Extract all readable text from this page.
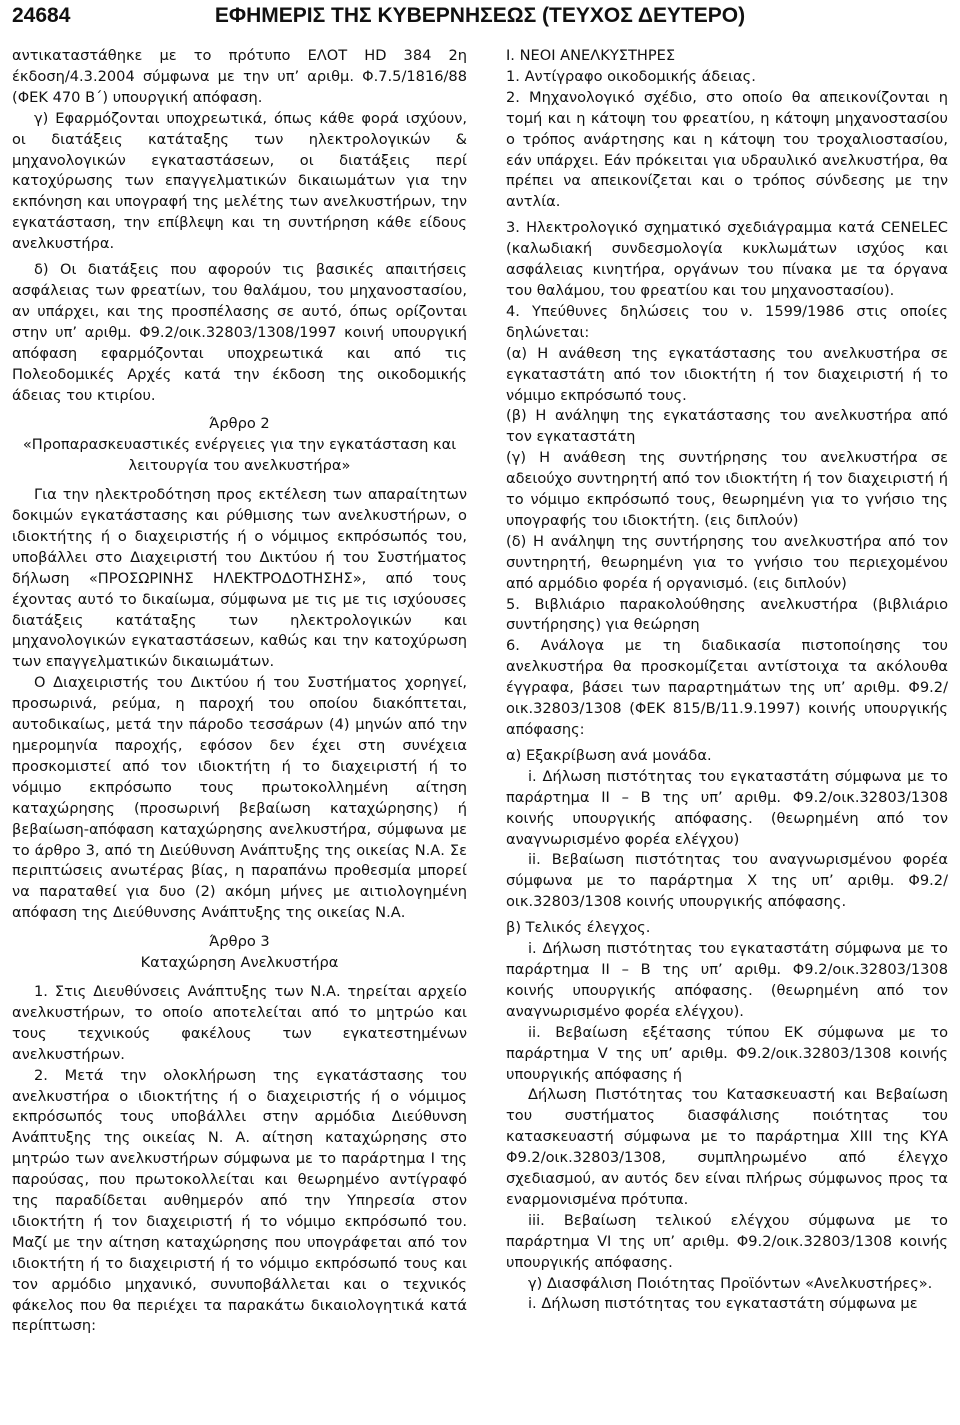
24684	ΕΦΗΜΕΡΙΣ ΤΗΣ ΚΥΒΕΡΝΗΣΕΩΣ (ΤΕΥΧΟΣ ΔΕΥΤΕΡΟ)

αντικαταστάθηκε με το πρότυπο ΕΛΟΤ HD 384 2η έκδοση/4.3.2004 σύμφωνα με την υπ’ αριθμ. Φ.7.5/1816/88 (ΦΕΚ 470 Β΄) υπουργική απόφαση.

γ) Εφαρμόζονται υποχρεωτικά, όπως κάθε φορά ισχύουν, οι διατάξεις κατάταξης των ηλεκτρολογικών & μηχανολογικών εγκαταστάσεων, οι διατάξεις περί κατοχύρωσης των επαγγελματικών δικαιωμάτων για την εκπόνηση και υπογραφή της μελέτης των ανελκυστήρων, την εγκατάσταση, την επίβλεψη και τη συντήρηση κάθε είδους ανελκυστήρα.

δ) Οι διατάξεις που αφορούν τις βασικές απαιτήσεις ασφάλειας των φρεατίων, του θαλάμου, του μηχανοστασίου, αν υπάρχει, και της προσπέλασης σε αυτό, όπως ορίζονται στην υπ’ αριθμ. Φ9.2/οικ.32803/1308/1997 κοινή υπουργική απόφαση εφαρμόζονται υποχρεωτικά και από τις Πολεοδομικές Αρχές κατά την έκδοση της οικοδομικής άδειας του κτιρίου.

Άρθρο 2

«Προπαρασκευαστικές ενέργειες για την εγκατάσταση και λειτουργία του ανελκυστήρα»

Για την ηλεκτροδότηση προς εκτέλεση των απαραίτητων δοκιμών εγκατάστασης και ρύθμισης των ανελκυστήρων, ο ιδιοκτήτης ή ο διαχειριστής ή ο νόμιμος εκπρόσωπός του, υποβάλλει στο Διαχειριστή του Δικτύου ή του Συστήματος δήλωση «ΠΡΟΣΩΡΙΝΗΣ ΗΛΕΚΤΡΟΔΟΤΗΣΗΣ», από τους έχοντας αυτό το δικαίωμα, σύμφωνα με τις με τις ισχύουσες διατάξεις κατάταξης των ηλεκτρολογικών και μηχανολογικών εγκαταστάσεων, καθώς και την κατοχύρωση των επαγγελματικών δικαιωμάτων.

Ο Διαχειριστής του Δικτύου ή του Συστήματος χορηγεί, προσωρινά, ρεύμα, η παροχή του οποίου διακόπτεται, αυτοδικαίως, μετά την πάροδο τεσσάρων (4) μηνών από την ημερομηνία παροχής, εφόσον δεν έχει στη συνέχεια προσκομιστεί από τον ιδιοκτήτη ή το διαχειριστή ή το νόμιμο εκπρόσωπο τους πρωτοκολλημένη αίτηση καταχώρησης (προσωρινή βεβαίωση καταχώρησης) ή βεβαίωση-απόφαση καταχώρησης ανελκυστήρα, σύμφωνα με το άρθρο 3, από τη Διεύθυνση Ανάπτυξης της οικείας Ν.Α. Σε περιπτώσεις ανωτέρας βίας, η παραπάνω προθεσμία μπορεί να παραταθεί για δυο (2) ακόμη μήνες με αιτιολογημένη απόφαση της Διεύθυνσης Ανάπτυξης της οικείας Ν.Α.

Άρθρο 3

Καταχώρηση Ανελκυστήρα

1. Στις Διευθύνσεις Ανάπτυξης των Ν.Α. τηρείται αρχείο ανελκυστήρων, το οποίο αποτελείται από το μητρώο και τους τεχνικούς φακέλους των εγκατεστημένων ανελκυστήρων.

2. Μετά την ολοκλήρωση της εγκατάστασης του ανελκυστήρα ο ιδιοκτήτης ή ο διαχειριστής ή ο νόμιμος εκπρόσωπός τους υποβάλλει στην αρμόδια Διεύθυνση Ανάπτυξης της οικείας Ν. Α. αίτηση καταχώρησης στο μητρώο των ανελκυστήρων σύμφωνα με το παράρτημα Ι της παρούσας, που πρωτοκολλείται και θεωρημένο αντίγραφό της παραδίδεται αυθημερόν από την Υπηρεσία στον ιδιοκτήτη ή τον διαχειριστή ή το νόμιμο εκπρόσωπό του. Μαζί με την αίτηση καταχώρησης που υπογράφεται από τον ιδιοκτήτη ή το διαχειριστή ή το νόμιμο εκπρόσωπό τους και τον αρμόδιο μηχανικό, συνυποβάλλεται και ο τεχνικός φάκελος που θα περιέχει τα παρακάτω δικαιολογητικά κατά περίπτωση:

Ι. ΝΕΟΙ ΑΝΕΛΚΥΣΤΗΡΕΣ

1. Αντίγραφο οικοδομικής άδειας.

2. Μηχανολογικό σχέδιο, στο οποίο θα απεικονίζονται η τομή και η κάτοψη του φρεατίου, η κάτοψη μηχανοστασίου ο τρόπος ανάρτησης και η κάτοψη του τροχαλιοστασίου, εάν υπάρχει. Εάν πρόκειται για υδραυλικό ανελκυστήρα, θα πρέπει να απεικονίζεται και ο τρόπος σύνδεσης με την αντλία.

3. Ηλεκτρολογικό σχηματικό σχεδιάγραμμα κατά CENELEC (καλωδιακή συνδεσμολογία κυκλωμάτων ισχύος και ασφάλειας κινητήρα, οργάνων του πίνακα με τα όργανα του θαλάμου, του φρεατίου και του μηχανοστασίου).

4. Υπεύθυνες δηλώσεις του ν. 1599/1986 στις οποίες δηλώνεται:

(α) Η ανάθεση της εγκατάστασης του ανελκυστήρα σε εγκαταστάτη από τον ιδιοκτήτη ή τον διαχειριστή ή το νόμιμο εκπρόσωπό τους.

(β) Η ανάληψη της εγκατάστασης του ανελκυστήρα από τον εγκαταστάτη

(γ) Η ανάθεση της συντήρησης του ανελκυστήρα σε αδειούχο συντηρητή από τον ιδιοκτήτη ή τον διαχειριστή ή το νόμιμο εκπρόσωπό τους, θεωρημένη για το γνήσιο της υπογραφής του ιδιοκτήτη. (εις διπλούν)

(δ) Η ανάληψη της συντήρησης του ανελκυστήρα από τον συντηρητή, θεωρημένη για το γνήσιο του περιεχομένου από αρμόδιο φορέα ή οργανισμό. (εις διπλούν)

5. Βιβλιάριο παρακολούθησης ανελκυστήρα (βιβλιάριο συντήρησης) για θεώρηση

6. Ανάλογα με τη διαδικασία πιστοποίησης του ανελκυστήρα θα προσκομίζεται αντίστοιχα τα ακόλουθα έγγραφα, βάσει των παραρτημάτων της υπ’ αριθμ. Φ9.2/οικ.32803/1308 (ΦΕΚ 815/Β/11.9.1997) κοινής υπουργικής απόφασης:

α) Εξακρίβωση ανά μονάδα.

i. Δήλωση πιστότητας του εγκαταστάτη σύμφωνα με το παράρτημα ΙΙ – Β της υπ’ αριθμ. Φ9.2/οικ.32803/1308 κοινής υπουργικής απόφασης. (θεωρημένη από τον αναγνωρισμένο φορέα ελέγχου)

ii. Βεβαίωση πιστότητας του αναγνωρισμένου φορέα σύμφωνα με το παράρτημα Χ της υπ’ αριθμ. Φ9.2/οικ.32803/1308 κοινής υπουργικής απόφασης.

β) Τελικός έλεγχος.

i. Δήλωση πιστότητας του εγκαταστάτη σύμφωνα με το παράρτημα ΙΙ – Β της υπ’ αριθμ. Φ9.2/οικ.32803/1308 κοινής υπουργικής απόφασης. (θεωρημένη από τον αναγνωρισμένο φορέα ελέγχου).

ii. Βεβαίωση εξέτασης τύπου ΕΚ σύμφωνα με το παράρτημα V της υπ’ αριθμ. Φ9.2/οικ.32803/1308 κοινής υπουργικής απόφασης ή

Δήλωση Πιστότητας του Κατασκευαστή και Βεβαίωση του συστήματος διασφάλισης ποιότητας του κατασκευαστή σύμφωνα με το παράρτημα ΧΙΙΙ της ΚΥΑ Φ9.2/οικ.32803/1308, συμπληρωμένο από έλεγχο σχεδιασμού, αν αυτός δεν είναι πλήρως σύμφωνος προς τα εναρμονισμένα πρότυπα.

iii. Βεβαίωση τελικού ελέγχου σύμφωνα με το παράρτημα VΙ της υπ’ αριθμ. Φ9.2/οικ.32803/1308 κοινής υπουργικής απόφασης.

γ) Διασφάλιση Ποιότητας Προϊόντων «Ανελκυστήρες».

i. Δήλωση πιστότητας του εγκαταστάτη σύμφωνα με
